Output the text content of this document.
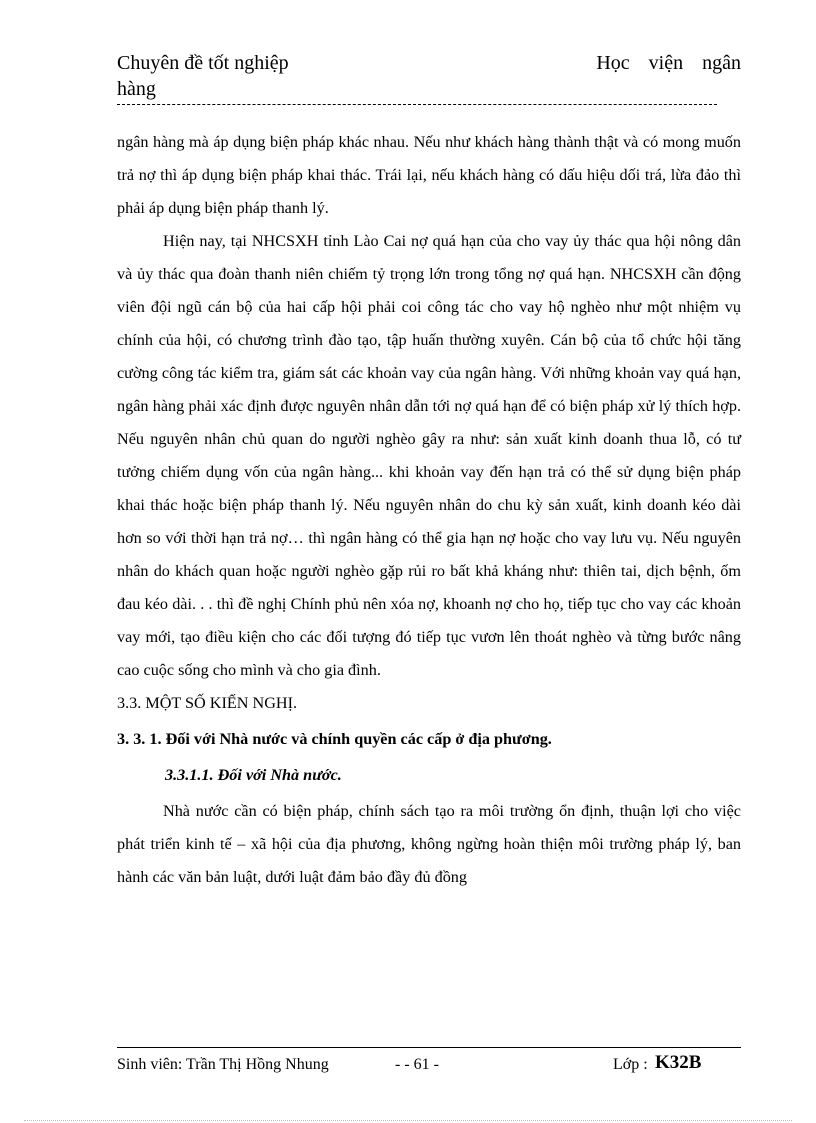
Chuyên đề tốt nghiệp	Học viện ngân
hàng

ngân hàng mà áp dụng biện pháp khác nhau. Nếu như khách hàng thành thật và có mong muốn trả nợ thì áp dụng biện pháp khai thác. Trái lại, nếu khách hàng có dấu hiệu dối trá, lừa đảo thì phải áp dụng biện pháp thanh lý.

Hiện nay, tại NHCSXH tỉnh Lào Cai nợ quá hạn của cho vay ủy thác qua hội nông dân và ủy thác qua đoàn thanh niên chiếm tỷ trọng lớn trong tổng nợ quá hạn. NHCSXH cần động viên đội ngũ cán bộ của hai cấp hội phải coi công tác cho vay hộ nghèo như một nhiệm vụ chính của hội, có chương trình đào tạo, tập huấn thường xuyên. Cán bộ của tổ chức hội tăng cường công tác kiểm tra, giám sát các khoản vay của ngân hàng. Với những khoản vay quá hạn, ngân hàng phải xác định được nguyên nhân dẫn tới nợ quá hạn để có biện pháp xử lý thích hợp. Nếu nguyên nhân chủ quan do người nghèo gây ra như: sản xuất kinh doanh thua lỗ, có tư tưởng chiếm dụng vốn của ngân hàng... khi khoản vay đến hạn trả có thể sử dụng biện pháp khai thác hoặc biện pháp thanh lý. Nếu nguyên nhân do chu kỳ sản xuất, kinh doanh kéo dài hơn so với thời hạn trả nợ… thì ngân hàng có thể gia hạn nợ hoặc cho vay lưu vụ. Nếu nguyên nhân do khách quan hoặc người nghèo gặp rủi ro bất khả kháng như: thiên tai, dịch bệnh, ốm đau kéo dài. . . thì đề nghị Chính phủ nên xóa nợ, khoanh nợ cho họ, tiếp tục cho vay các khoản vay mới, tạo điều kiện cho các đối tượng đó tiếp tục vươn lên thoát nghèo và từng bước nâng cao cuộc sống cho mình và cho gia đình.

3.3. MỘT SỐ KIẾN NGHỊ.
3. 3. 1. Đối với Nhà nước và chính quyền các cấp ở địa phương.
3.3.1.1. Đối với Nhà nước.

Nhà nước cần có biện pháp, chính sách tạo ra môi trường ổn định, thuận lợi cho việc phát triển kinh tế – xã hội của địa phương, không ngừng hoàn thiện môi trường pháp lý, ban hành các văn bản luật, dưới luật đảm bảo đầy đủ đồng

Sinh viên: Trần Thị Hồng Nhung	- - 61 -	Lớp : K32B
